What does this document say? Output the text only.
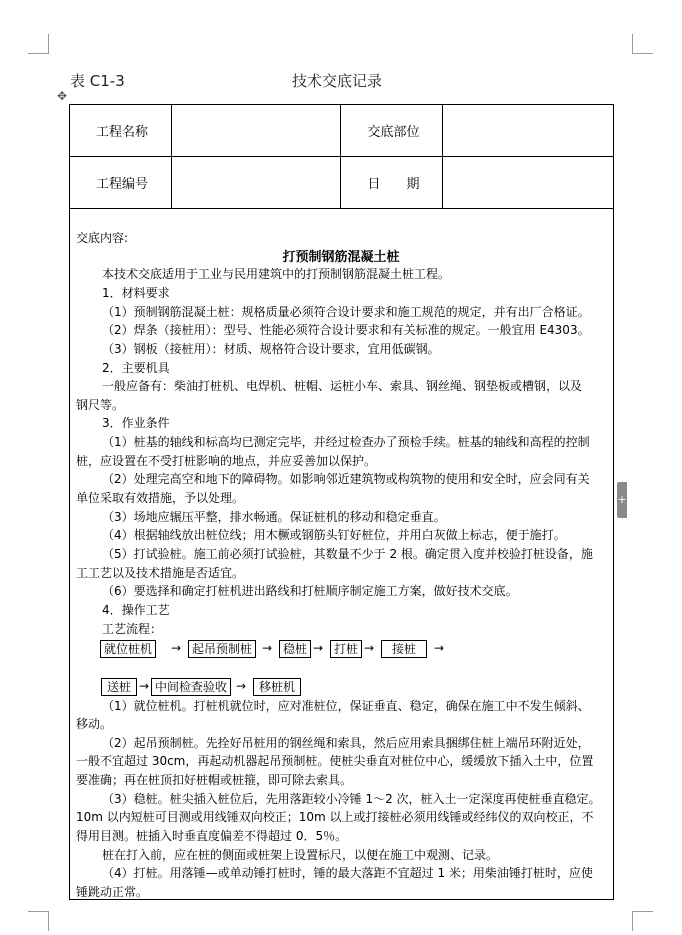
表 C1-3	技术交底记录
✥
工程名称		交底部位	
工程编号		日　　期	
交底内容:
打预制钢筋混凝土桩
本技术交底适用于工业与民用建筑中的打预制钢筋混凝土桩工程。
1．材料要求
（1）预制钢筋混凝土桩：规格质量必须符合设计要求和施工规范的规定，并有出厂合格证。
（2）焊条（接桩用）：型号、性能必须符合设计要求和有关标准的规定。一般宜用 E4303。
（3）钢板（接桩用）：材质、规格符合设计要求，宜用低碳钢。
2．主要机具
一般应备有：柴油打桩机、电焊机、桩帽、运桩小车、索具、钢丝绳、钢垫板或槽钢，以及
钢尺等。
3．作业条件
（1）桩基的轴线和标高均已测定完毕，并经过检查办了预检手续。桩基的轴线和高程的控制
桩，应设置在不受打桩影响的地点，并应妥善加以保护。
（2）处理完高空和地下的障碍物。如影响邻近建筑物或构筑物的使用和安全时，应会同有关
单位采取有效措施，予以处理。
（3）场地应辗压平整，排水畅通。保证桩机的移动和稳定垂直。
（4）根据轴线放出桩位线；用木橛或钢筋头钉好桩位，并用白灰做上标志，便于施打。
（5）打试验桩。施工前必须打试验桩，其数量不少于 2 根。确定贯入度并校验打桩设备，施
工工艺以及技术措施是否适宜。
（6）要选择和确定打桩机进出路线和打桩顺序制定施工方案，做好技术交底。
4．操作工艺
工艺流程：
就位桩机	→ 起吊预制桩 → 稳桩 → 打桩 →	接桩	→
送桩 → 中间检查验收 →	移桩机
（1）就位桩机。打桩机就位时，应对准桩位，保证垂直、稳定，确保在施工中不发生倾斜、
移动。
（2）起吊预制桩。先拴好吊桩用的钢丝绳和索具，然后应用索具捆绑住桩上端吊环附近处，
一般不宜超过 30cm，再起动机器起吊预制桩。使桩尖垂直对桩位中心，缓缓放下插入土中，位置
要准确；再在桩顶扣好桩帽或桩箍，即可除去索具。
（3）稳桩。桩尖插入桩位后，先用落距较小冷锤 1～2 次，桩入土一定深度再使桩垂直稳定。
10m 以内短桩可目测或用线锤双向校正；10m 以上或打接桩必须用线锤或经纬仪的双向校正，不
得用目测。桩插入时垂直度偏差不得超过 0．5％。
桩在打入前，应在桩的侧面或桩架上设置标尺，以便在施工中观测、记录。
（4）打桩。用落锤—或单动锤打桩时，锤的最大落距不宜超过 1 米；用柴油锤打桩时，应使
锤跳动正常。
+
